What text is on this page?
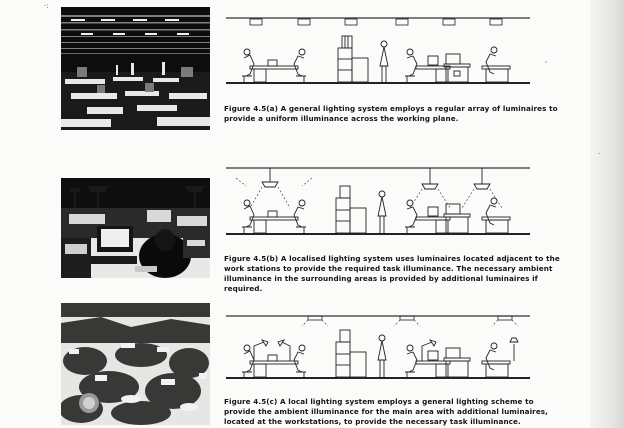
Figure 4.5(a) A general lighting system employs a regular array of luminaires to
provide a uniform illuminance across the working plane.
Figure 4.5(b) A localised lighting system uses luminaires located adjacent to the
work stations to provide the required task illuminance. The necessary ambient
illuminance in the surrounding areas is provided by additional luminaires if
required.
Figure 4.5(c) A local lighting system employs a general lighting scheme to
provide the ambient illuminance for the main area with additional luminaires,
located at the workstations, to provide the necessary task illuminance.
·:
·
'
